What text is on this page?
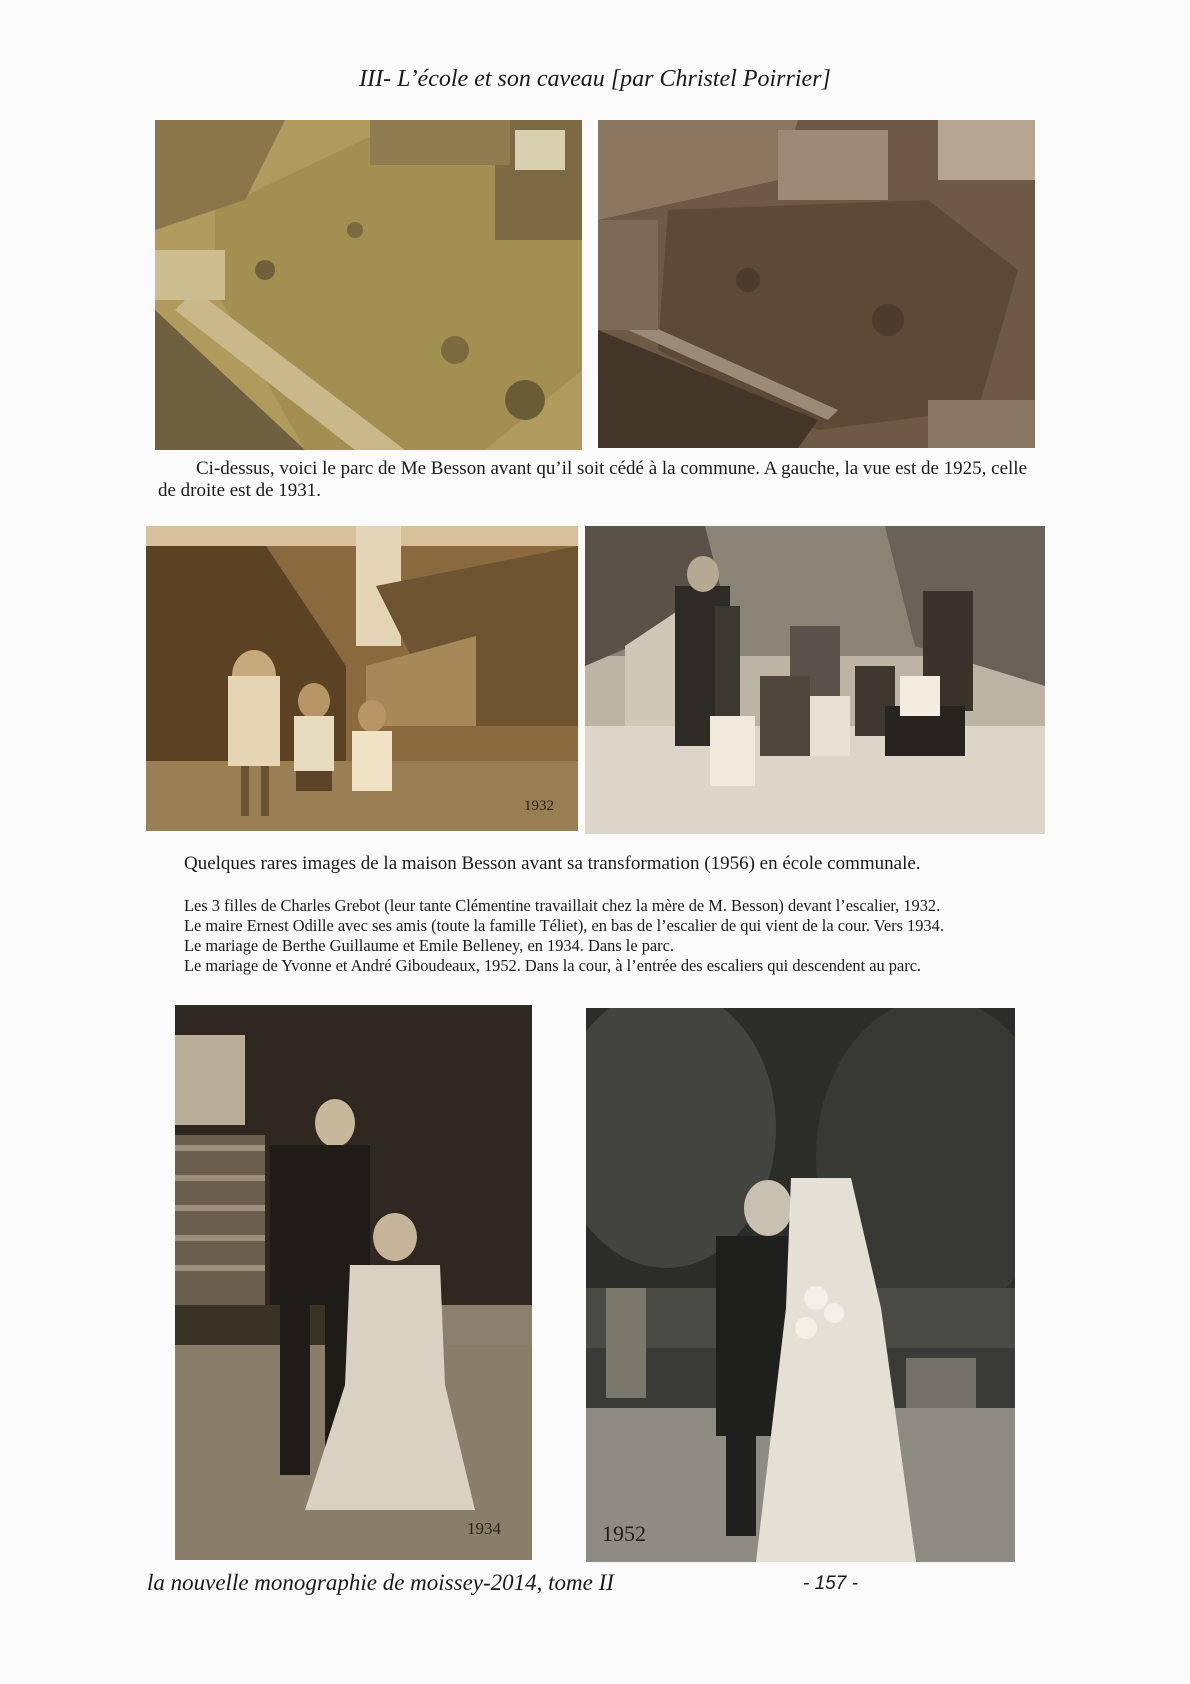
III- L’école et son caveau [par Christel Poirrier]
Ci-dessus, voici le parc de Me Besson avant qu’il soit cédé à la commune. A gauche, la vue est de 1925, celle de droite est de 1931.
1932
Quelques rares images de la maison Besson avant sa transformation (1956) en école communale.
Les 3 filles de Charles Grebot (leur tante Clémentine travaillait chez la mère de M. Besson) devant l’escalier, 1932.
Le maire Ernest Odille avec ses amis (toute la famille Téliet), en bas de l’escalier de qui vient de la cour. Vers 1934.
Le mariage de Berthe Guillaume et Emile Belleney, en 1934. Dans le parc.
Le mariage de Yvonne et André Giboudeaux, 1952. Dans la cour, à l’entrée des escaliers qui descendent au parc.
1934	1952
la nouvelle monographie de moissey-2014, tome II	- 157 -
